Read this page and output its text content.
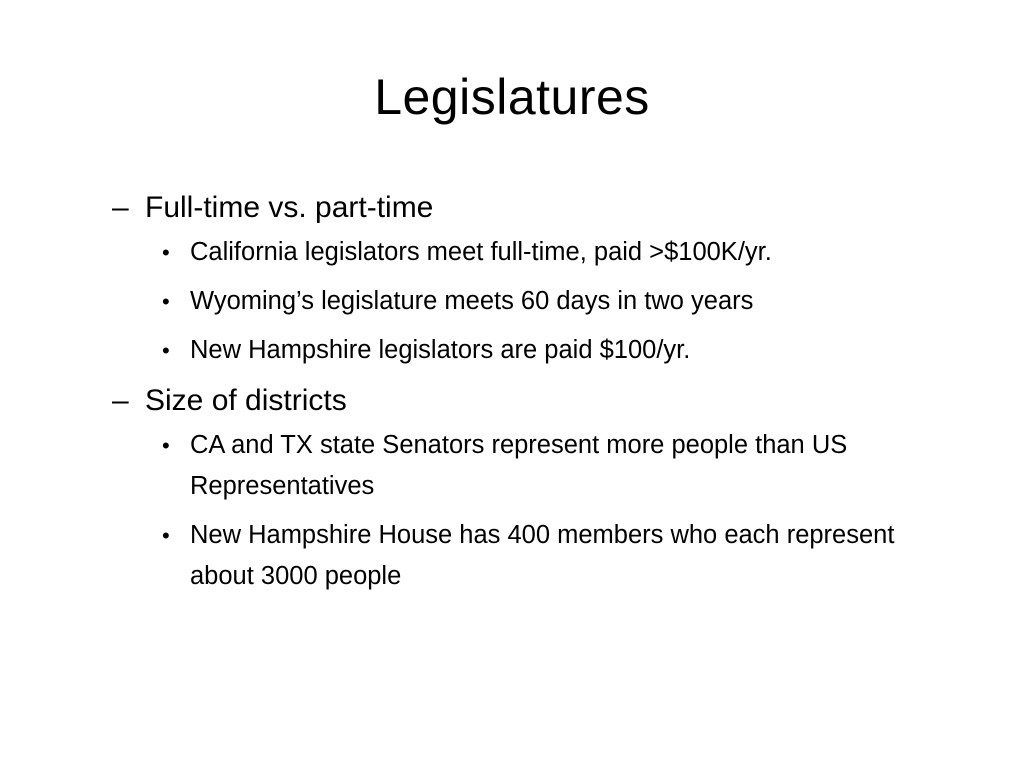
Legislatures
– Full-time vs. part-time
• California legislators meet full-time, paid >$100K/yr.
• Wyoming’s legislature meets 60 days in two years
• New Hampshire legislators are paid $100/yr.
– Size of districts
• CA and TX state Senators represent more people than US Representatives
• New Hampshire House has 400 members who each represent about 3000 people
